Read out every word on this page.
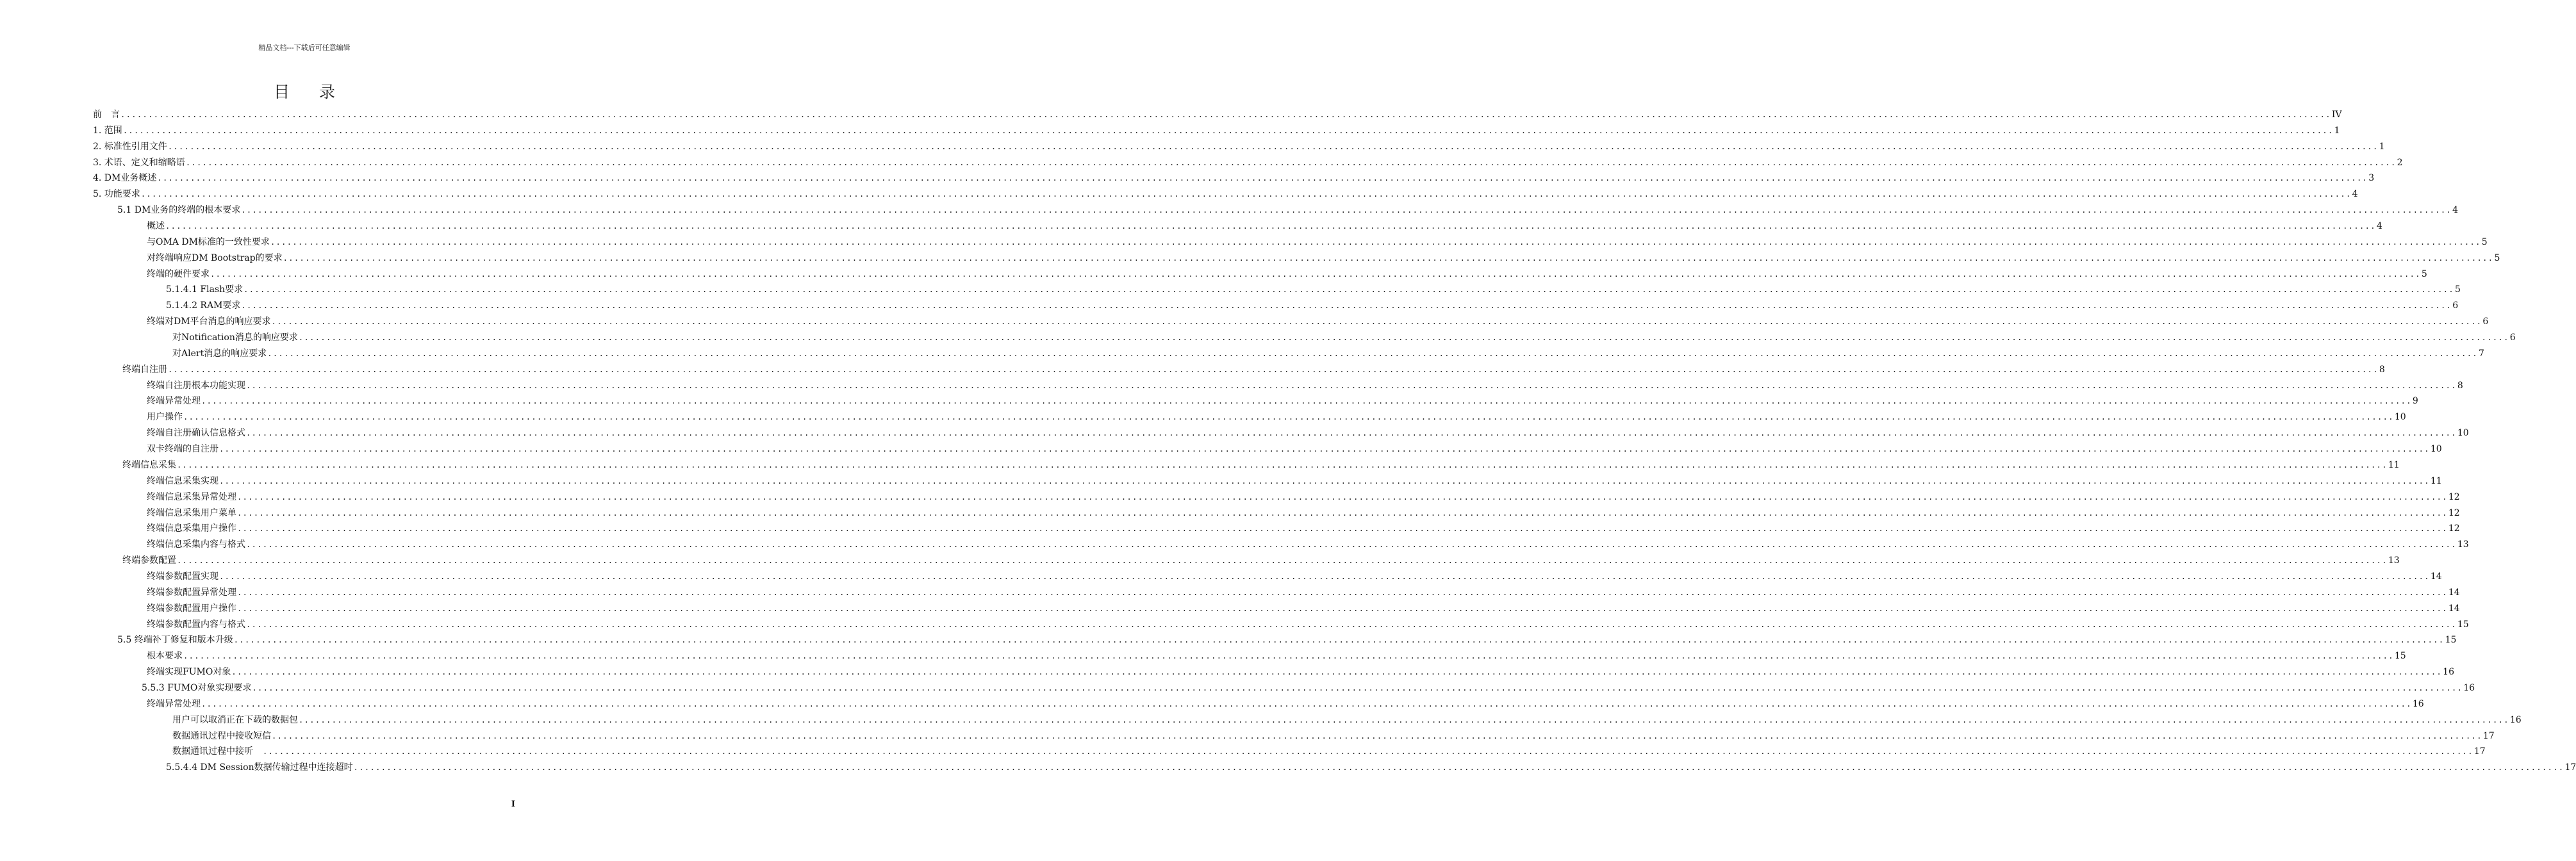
精品文档---下载后可任意编辑
目 录
前　言 ................................................................................................................................................................................................................................................................................................................................................................................................................ IV
1. 范围 ................................................................................................................................................................................................................................................................................................................................................................................................................ 1
2. 标准性引用文件 ................................................................................................................................................................................................................................................................................................................................................................................................................ 1
3. 术语、定义和缩略语 ................................................................................................................................................................................................................................................................................................................................................................................................................ 2
4. DM业务概述 ................................................................................................................................................................................................................................................................................................................................................................................................................ 3
5. 功能要求 ................................................................................................................................................................................................................................................................................................................................................................................................................ 4
5.1 DM业务的终端的根本要求 ................................................................................................................................................................................................................................................................................................................................................................................................................ 4
概述 ................................................................................................................................................................................................................................................................................................................................................................................................................ 4
与OMA DM标准的一致性要求 ................................................................................................................................................................................................................................................................................................................................................................................................................ 5
对终端响应DM Bootstrap的要求 ................................................................................................................................................................................................................................................................................................................................................................................................................ 5
终端的硬件要求 ................................................................................................................................................................................................................................................................................................................................................................................................................ 5
5.1.4.1 Flash要求 ................................................................................................................................................................................................................................................................................................................................................................................................................ 5
5.1.4.2 RAM要求 ................................................................................................................................................................................................................................................................................................................................................................................................................ 6
终端对DM平台消息的响应要求 ................................................................................................................................................................................................................................................................................................................................................................................................................ 6
对Notification消息的响应要求 ................................................................................................................................................................................................................................................................................................................................................................................................................ 6
对Alert消息的响应要求 ................................................................................................................................................................................................................................................................................................................................................................................................................ 7
终端自注册 ................................................................................................................................................................................................................................................................................................................................................................................................................ 8
终端自注册根本功能实现 ................................................................................................................................................................................................................................................................................................................................................................................................................ 8
终端异常处理 ................................................................................................................................................................................................................................................................................................................................................................................................................ 9
用户操作 ................................................................................................................................................................................................................................................................................................................................................................................................................ 10
终端自注册确认信息格式 ................................................................................................................................................................................................................................................................................................................................................................................................................ 10
双卡终端的自注册 ................................................................................................................................................................................................................................................................................................................................................................................................................ 10
终端信息采集 ................................................................................................................................................................................................................................................................................................................................................................................................................ 11
终端信息采集实现 ................................................................................................................................................................................................................................................................................................................................................................................................................ 11
终端信息采集异常处理 ................................................................................................................................................................................................................................................................................................................................................................................................................ 12
终端信息采集用户菜单 ................................................................................................................................................................................................................................................................................................................................................................................................................ 12
终端信息采集用户操作 ................................................................................................................................................................................................................................................................................................................................................................................................................ 12
终端信息采集内容与格式 ................................................................................................................................................................................................................................................................................................................................................................................................................ 13
终端参数配置 ................................................................................................................................................................................................................................................................................................................................................................................................................ 13
终端参数配置实现 ................................................................................................................................................................................................................................................................................................................................................................................................................ 14
终端参数配置异常处理 ................................................................................................................................................................................................................................................................................................................................................................................................................ 14
终端参数配置用户操作 ................................................................................................................................................................................................................................................................................................................................................................................................................ 14
终端参数配置内容与格式 ................................................................................................................................................................................................................................................................................................................................................................................................................ 15
5.5 终端补丁修复和版本升级 ................................................................................................................................................................................................................................................................................................................................................................................................................ 15
根本要求 ................................................................................................................................................................................................................................................................................................................................................................................................................ 15
终端实现FUMO对象 ................................................................................................................................................................................................................................................................................................................................................................................................................ 16
5.5.3 FUMO对象实现要求 ................................................................................................................................................................................................................................................................................................................................................................................................................ 16
终端异常处理 ................................................................................................................................................................................................................................................................................................................................................................................................................ 16
用户可以取消正在下载的数据包 ................................................................................................................................................................................................................................................................................................................................................................................................................ 16
数据通讯过程中接收短信 ................................................................................................................................................................................................................................................................................................................................................................................................................ 17
数据通讯过程中接听　 ................................................................................................................................................................................................................................................................................................................................................................................................................ 17
5.5.4.4 DM Session数据传输过程中连接超时 ................................................................................................................................................................................................................................................................................................................................................................................................................ 17
I
